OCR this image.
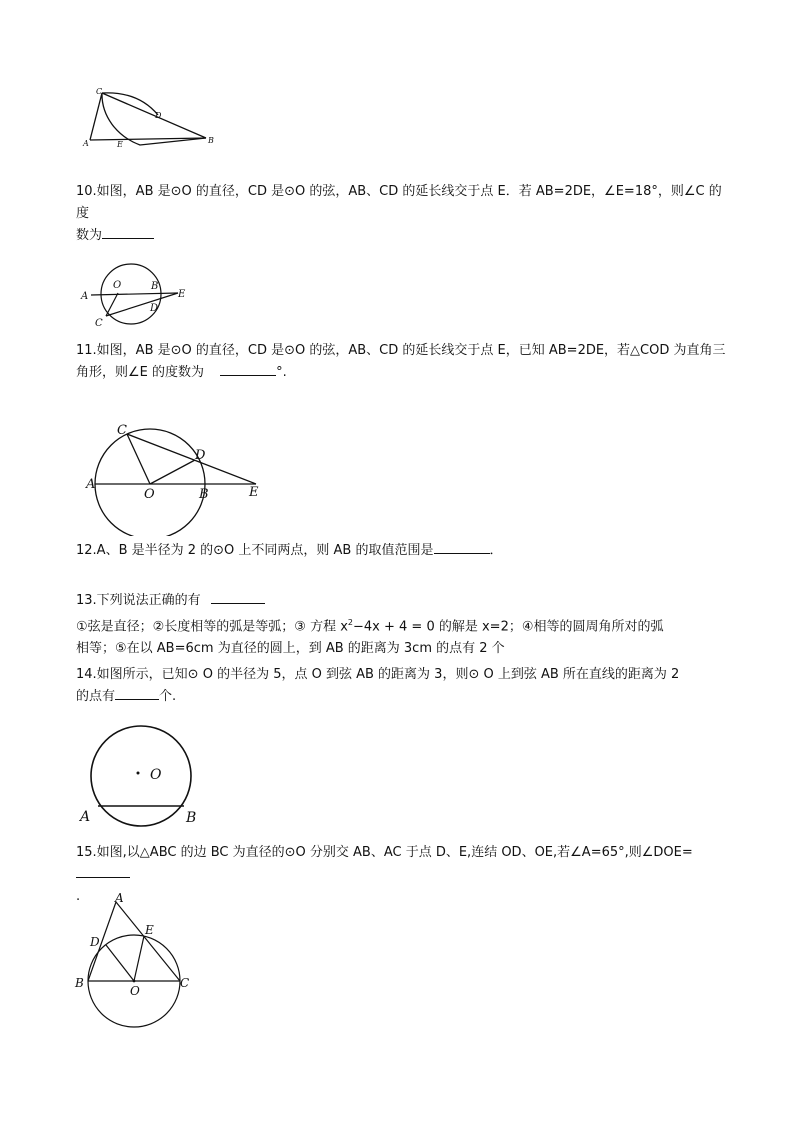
C
D
A	E	B

10.如图，AB 是⊙O 的直径，CD 是⊙O 的弦，AB、CD 的延长线交于点 E．若 AB=2DE，∠E=18°，则∠C 的度
数为

A
O	B
E
C
D

11.如图，AB 是⊙O 的直径，CD 是⊙O 的弦，AB、CD 的延长线交于点 E，已知 AB=2DE，若△COD 为直角三
角形，则∠E 的度数为	°.

C
D
A
O	B	E

12.A、B 是半径为 2 的⊙O 上不同两点，则 AB 的取值范围是	．

13.下列说法正确的有
①弦是直径；②长度相等的弧是等弧；③ 方程 $x^2-4x + 4 = 0$ 的解是 x=2；④相等的圆周角所对的弧
相等；⑤在以 AB=6cm 为直径的圆上，到 AB 的距离为 3cm 的点有 2 个

14.如图所示，已知⊙ O 的半径为 5，点 O 到弦 AB 的距离为 3，则⊙ O 上到弦 AB 所在直线的距离为 2
的点有	个.

O
A	B

15.如图,以△ABC 的边 BC 为直径的⊙O 分别交 AB、AC 于点 D、E,连结 OD、OE,若∠A=65°,则∠DOE=
.	A
D
E
B
O
C
